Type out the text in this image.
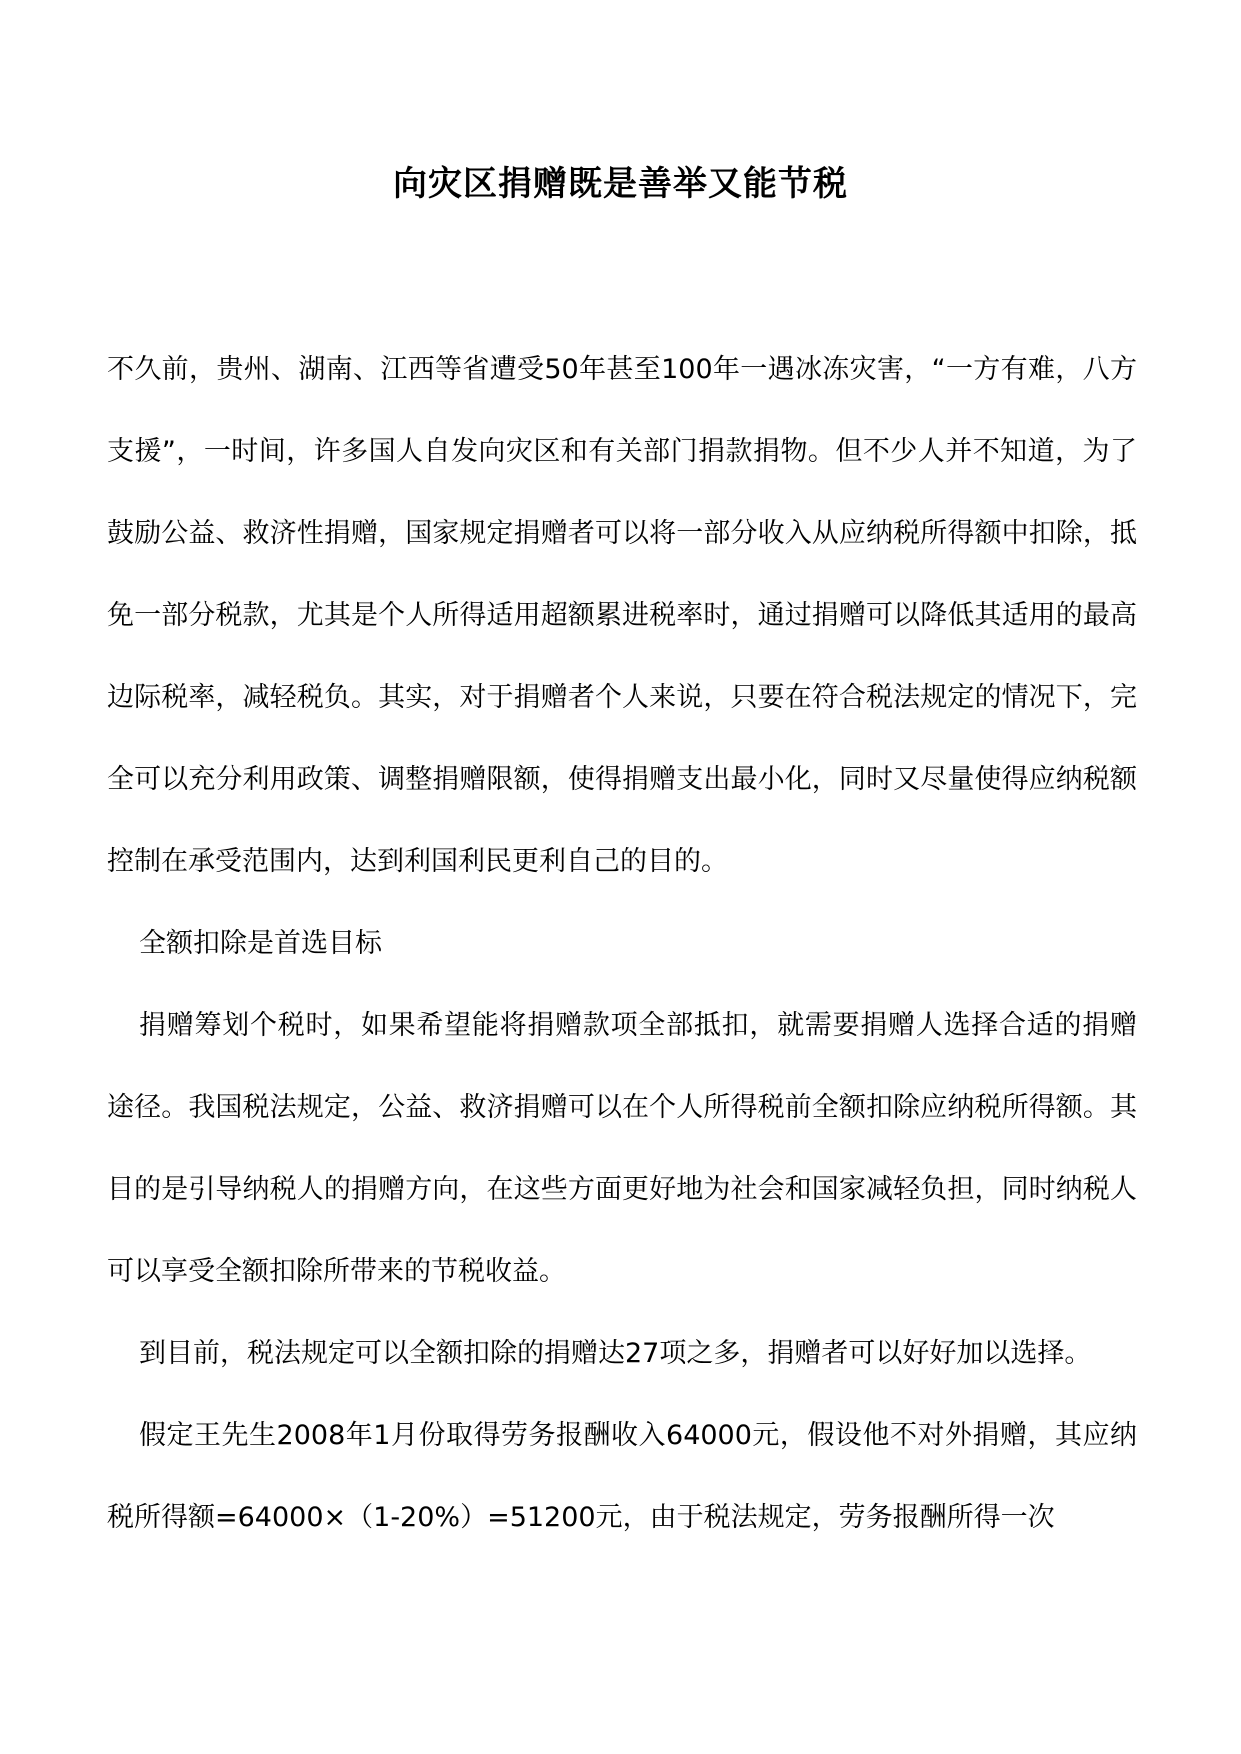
向灾区捐赠既是善举又能节税

不久前，贵州、湖南、江西等省遭受50年甚至100年一遇冰冻灾害，“一方有难，八方支援”，一时间，许多国人自发向灾区和有关部门捐款捐物。但不少人并不知道，为了鼓励公益、救济性捐赠，国家规定捐赠者可以将一部分收入从应纳税所得额中扣除，抵免一部分税款，尤其是个人所得适用超额累进税率时，通过捐赠可以降低其适用的最高边际税率，减轻税负。其实，对于捐赠者个人来说，只要在符合税法规定的情况下，完全可以充分利用政策、调整捐赠限额，使得捐赠支出最小化，同时又尽量使得应纳税额控制在承受范围内，达到利国利民更利自己的目的。

全额扣除是首选目标

捐赠筹划个税时，如果希望能将捐赠款项全部抵扣，就需要捐赠人选择合适的捐赠途径。我国税法规定，公益、救济捐赠可以在个人所得税前全额扣除应纳税所得额。其目的是引导纳税人的捐赠方向，在这些方面更好地为社会和国家减轻负担，同时纳税人可以享受全额扣除所带来的节税收益。

到目前，税法规定可以全额扣除的捐赠达27项之多，捐赠者可以好好加以选择。

假定王先生2008年1月份取得劳务报酬收入64000元，假设他不对外捐赠，其应纳税所得额=64000×（1-20%）=51200元，由于税法规定，劳务报酬所得一次
